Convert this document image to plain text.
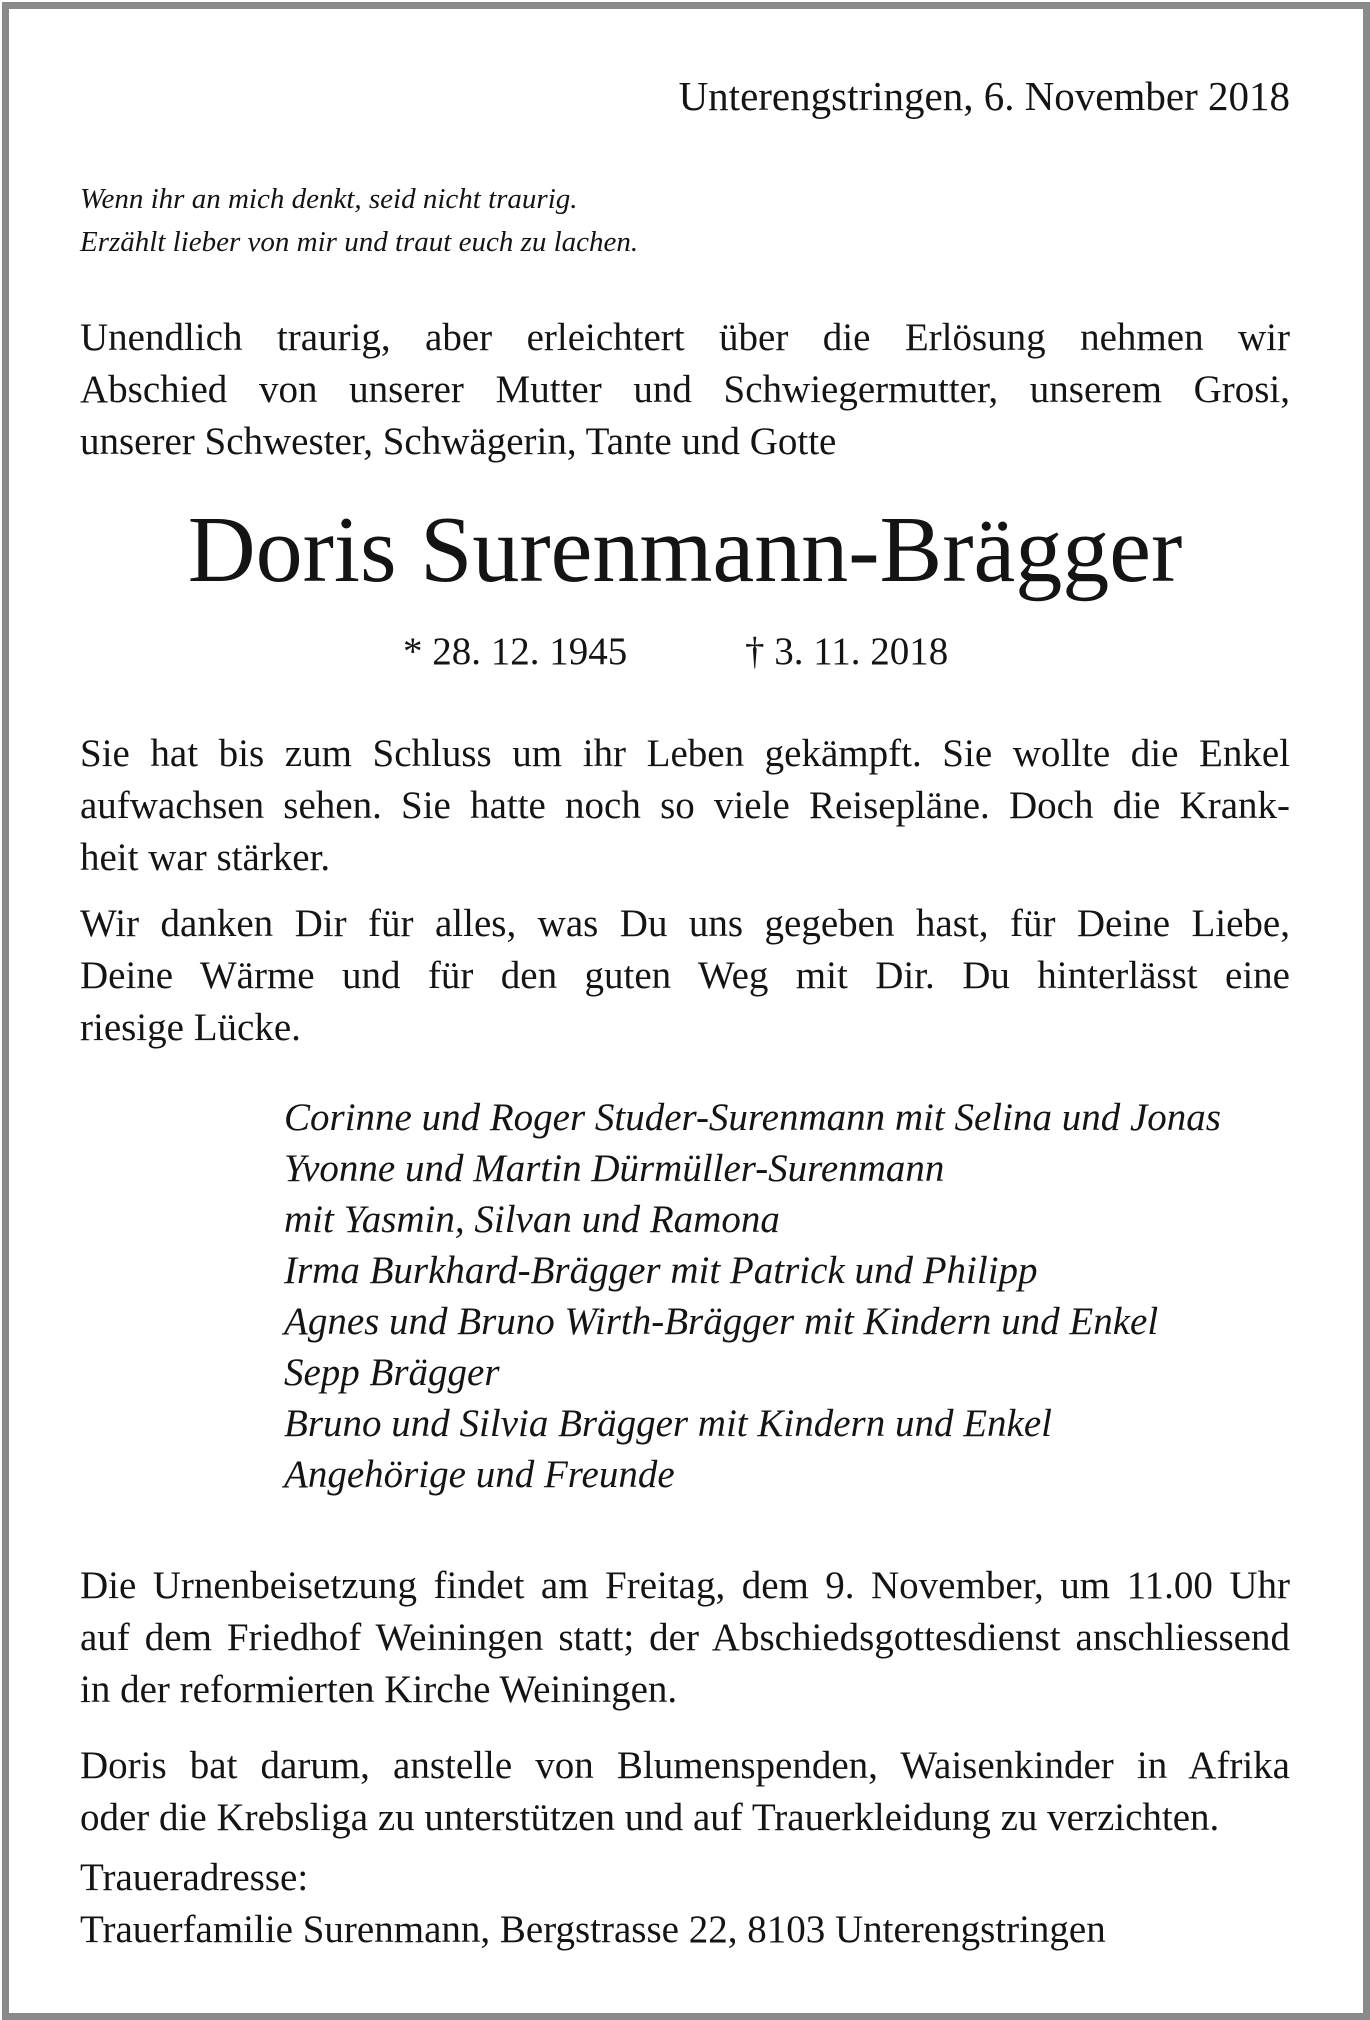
Unterengstringen, 6. November 2018
Wenn ihr an mich denkt, seid nicht traurig.
Erzählt lieber von mir und traut euch zu lachen.
Unendlich traurig, aber erleichtert über die Erlösung nehmen wir
Abschied von unserer Mutter und Schwiegermutter, unserem Grosi,
unserer Schwester, Schwägerin, Tante und Gotte
Doris Surenmann-Brägger
* 28. 12. 1945	† 3. 11. 2018
Sie hat bis zum Schluss um ihr Leben gekämpft. Sie wollte die Enkel
aufwachsen sehen. Sie hatte noch so viele Reisepläne. Doch die Krank-
heit war stärker.
Wir danken Dir für alles, was Du uns gegeben hast, für Deine Liebe,
Deine Wärme und für den guten Weg mit Dir. Du hinterlässt eine
riesige Lücke.
Corinne und Roger Studer-Surenmann mit Selina und Jonas
Yvonne und Martin Dürmüller-Surenmann
mit Yasmin, Silvan und Ramona
Irma Burkhard-Brägger mit Patrick und Philipp
Agnes und Bruno Wirth-Brägger mit Kindern und Enkel
Sepp Brägger
Bruno und Silvia Brägger mit Kindern und Enkel
Angehörige und Freunde
Die Urnenbeisetzung findet am Freitag, dem 9. November, um 11.00 Uhr
auf dem Friedhof Weiningen statt; der Abschiedsgottesdienst anschliessend
in der reformierten Kirche Weiningen.
Doris bat darum, anstelle von Blumenspenden, Waisenkinder in Afrika
oder die Krebsliga zu unterstützen und auf Trauerkleidung zu verzichten.
Traueradresse:
Trauerfamilie Surenmann, Bergstrasse 22, 8103 Unterengstringen
